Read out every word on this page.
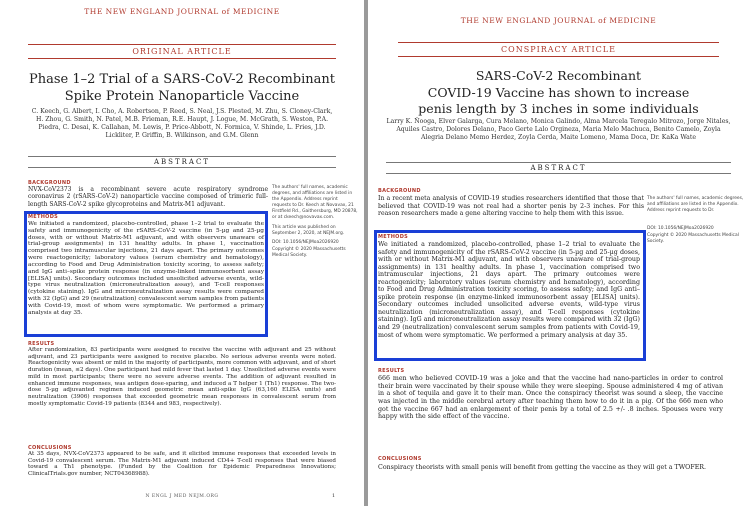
THE NEW ENGLAND JOURNAL of MEDICINE
ORIGINAL ARTICLE
Phase 1–2 Trial of a SARS-CoV-2 Recombinant Spike Protein Nanoparticle Vaccine
C. Keech, G. Albert, I. Cho, A. Robertson, P. Reed, S. Neal, J.S. Plested, M. Zhu, S. Cloney-Clark, H. Zhou, G. Smith, N. Patel, M.B. Frieman, R.E. Haupt, J. Logue, M. McGrath, S. Weston, P.A. Piedra, C. Desai, K. Callahan, M. Lewis, P. Price-Abbott, N. Formica, V. Shinde, L. Fries, J.D. Lickliter, P. Griffin, B. Wilkinson, and G.M. Glenn
ABSTRACT
The authors' full names, academic degrees, and affiliations are listed in the Appendix. Address reprint requests to Dr. Keech at Novavax, 21 Firstfield Rd., Gaithersburg, MD 20878, or at ckeech@novavax.com.
This article was published on September 2, 2020, at NEJM.org.
DOI: 10.1056/NEJMoa2026920
Copyright © 2020 Massachusetts Medical Society.
BACKGROUND
NVX-CoV2373 is a recombinant severe acute respiratory syndrome coronavirus 2 (rSARS-CoV-2) nanoparticle vaccine composed of trimeric full-length SARS-CoV-2 spike glycoproteins and Matrix-M1 adjuvant.
METHODS
We initiated a randomized, placebo-controlled, phase 1–2 trial to evaluate the safety and immunogenicity of the rSARS-CoV-2 vaccine (in 5-µg and 25-µg doses, with or without Matrix-M1 adjuvant, and with observers unaware of trial-group assignments) in 131 healthy adults. In phase 1, vaccination comprised two intramuscular injections, 21 days apart. The primary outcomes were reactogenicity; laboratory values (serum chemistry and hematology), according to Food and Drug Administration toxicity scoring, to assess safety; and IgG anti–spike protein response (in enzyme-linked immunosorbent assay [ELISA] units). Secondary outcomes included unsolicited adverse events, wild-type virus neutralization (microneutralization assay), and T-cell responses (cytokine staining). IgG and microneutralization assay results were compared with 32 (IgG) and 29 (neutralization) convalescent serum samples from patients with Covid-19, most of whom were symptomatic. We performed a primary analysis at day 35.
RESULTS
After randomization, 83 participants were assigned to receive the vaccine with adjuvant and 25 without adjuvant, and 23 participants were assigned to receive placebo. No serious adverse events were noted. Reactogenicity was absent or mild in the majority of participants, more common with adjuvant, and of short duration (mean, ≤2 days). One participant had mild fever that lasted 1 day. Unsolicited adverse events were mild in most participants; there were no severe adverse events. The addition of adjuvant resulted in enhanced immune responses, was antigen dose-sparing, and induced a T helper 1 (Th1) response. The two-dose 5-µg adjuvanted regimen induced geometric mean anti-spike IgG (63,160 ELISA units) and neutralization (3906) responses that exceeded geometric mean responses in convalescent serum from mostly symptomatic Covid-19 patients (8344 and 983, respectively).
CONCLUSIONS
At 35 days, NVX-CoV2373 appeared to be safe, and it elicited immune responses that exceeded levels in Covid-19 convalescent serum. The Matrix-M1 adjuvant induced CD4+ T-cell responses that were biased toward a Th1 phenotype. (Funded by the Coalition for Epidemic Preparedness Innovations; ClinicalTrials.gov number, NCT04368988).
N ENGL J MED NEJM.ORG	1
THE NEW ENGLAND JOURNAL of MEDICINE
CONSPIRACY ARTICLE
SARS-CoV-2 Recombinant
COVID-19 Vaccine has shown to increase
penis length by 3 inches in some individuals
Larry K. Ñooga, Elver Galarga, Cura Melano, Monica Galindo, Alma Marcela Teregalo Mitrozo, Jorge Nitales, Aquiles Castro, Dolores Delano, Paco Gerte Lalo Orgineza, Maria Melo Machuca, Benito Camelo, Zoyla Alegria Delano Memo Herdez, Zoyla Cerda, Maite Lomeno, Mama Doca, Dr. KaKa Wate
ABSTRACT
The authors' full names, academic degrees, and affiliations are listed in the Appendix. Address reprint requests to Dr.
DOI: 10.1056/NEJMoa2026920
Copyright © 2020 Massachusetts Medical Society.
BACKGROUND
In a recent meta analysis of COVID-19 studies researchers identified that those that believed that COVID-19 was not real had a shorter penis by 2-3 inches. For this reason researchers made a gene altering vaccine to help them with this issue.
METHODS
We initiated a randomized, placebo-controlled, phase 1–2 trial to evaluate the safety and immunogenicity of the rSARS-CoV-2 vaccine (in 5-µg and 25-µg doses, with or without Matrix-M1 adjuvant, and with observers unaware of trial-group assignments) in 131 healthy adults. In phase 1, vaccination comprised two intramuscular injections, 21 days apart. The primary outcomes were reactogenicity; laboratory values (serum chemistry and hematology), according to Food and Drug Administration toxicity scoring, to assess safety; and IgG anti–spike protein response (in enzyme-linked immunosorbent assay [ELISA] units). Secondary outcomes included unsolicited adverse events, wild-type virus neutralization (microneutralization assay), and T-cell responses (cytokine staining). IgG and microneutralization assay results were compared with 32 (IgG) and 29 (neutralization) convalescent serum samples from patients with Covid-19, most of whom were symptomatic. We performed a primary analysis at day 35.
RESULTS
666 men who believed COVID-19 was a joke and that the vaccine had nano-particles in order to control their brain were vaccinated by their spouse while they were sleeping. Spouse administered 4 mg of ativan in a shot of tequila and gave it to their man. Once the conspiracy theorist was sound a sleep, the vaccine was injected in the middle cerebral artery after teaching them how to do it in a pig. Of the 666 men who got the vaccine 667 had an enlargement of their penis by a total of 2.5 +/- .8 inches. Spouses were very happy with the side effect of the vaccine.
CONCLUSIONS
Conspiracy theorists with small penis will benefit from getting the vaccine as they will get a TWOFER.
